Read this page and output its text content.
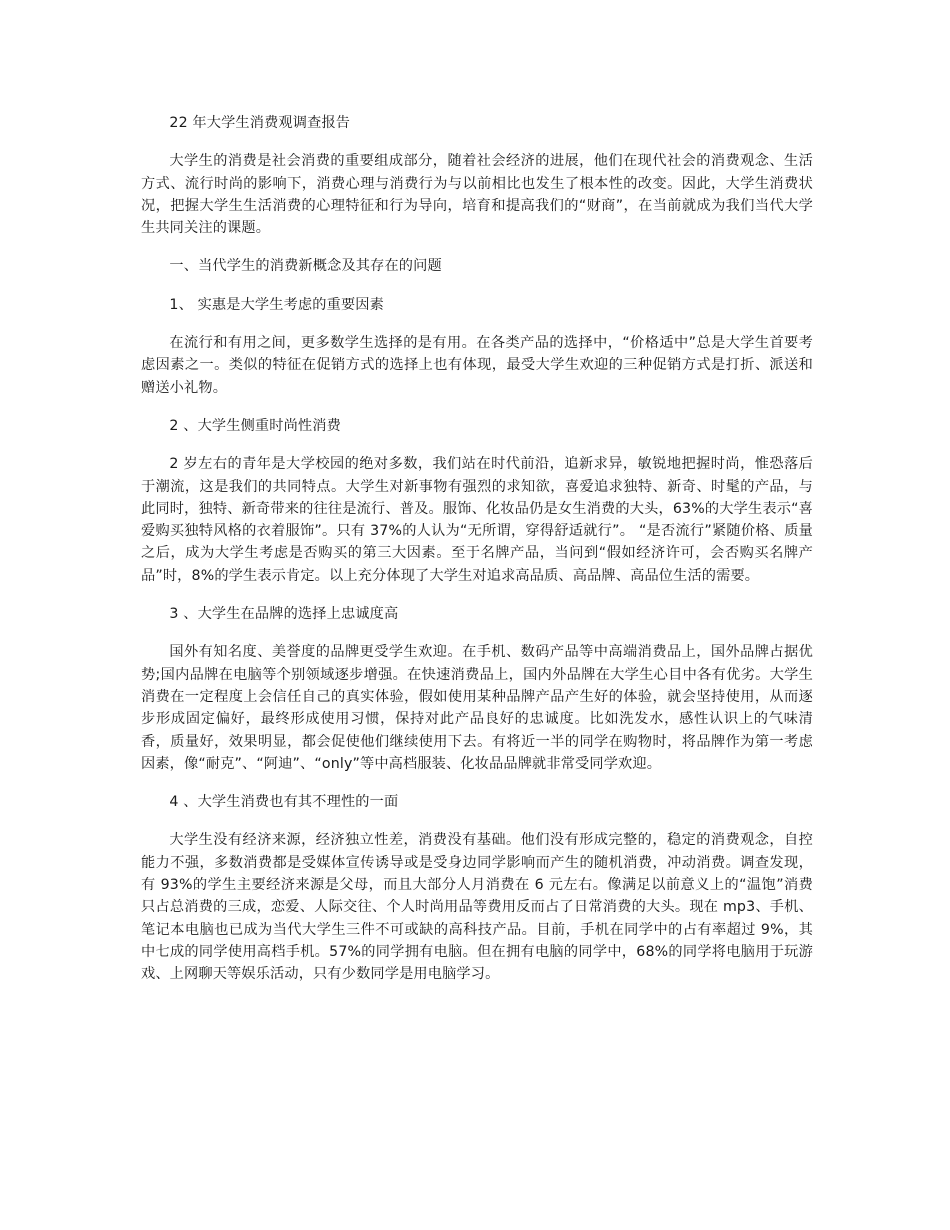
22 年大学生消费观调查报告

大学生的消费是社会消费的重要组成部分，随着社会经济的进展，他们在现代社会的消费观念、生活方式、流行时尚的影响下，消费心理与消费行为与以前相比也发生了根本性的改变。因此，大学生消费状况，把握大学生生活消费的心理特征和行为导向，培育和提高我们的“财商”，在当前就成为我们当代大学生共同关注的课题。

一、当代学生的消费新概念及其存在的问题

1、 实惠是大学生考虑的重要因素

在流行和有用之间，更多数学生选择的是有用。在各类产品的选择中，“价格适中”总是大学生首要考虑因素之一。类似的特征在促销方式的选择上也有体现，最受大学生欢迎的三种促销方式是打折、派送和赠送小礼物。

2 、大学生侧重时尚性消费

2 岁左右的青年是大学校园的绝对多数，我们站在时代前沿，追新求异，敏锐地把握时尚，惟恐落后于潮流，这是我们的共同特点。大学生对新事物有强烈的求知欲，喜爱追求独特、新奇、时髦的产品，与此同时，独特、新奇带来的往往是流行、普及。服饰、化妆品仍是女生消费的大头，63%的大学生表示“喜爱购买独特风格的衣着服饰”。只有 37%的人认为“无所谓，穿得舒适就行”。 “是否流行”紧随价格、质量之后，成为大学生考虑是否购买的第三大因素。至于名牌产品，当问到“假如经济许可，会否购买名牌产品”时，8%的学生表示肯定。以上充分体现了大学生对追求高品质、高品牌、高品位生活的需要。

3 、大学生在品牌的选择上忠诚度高

国外有知名度、美誉度的品牌更受学生欢迎。在手机、数码产品等中高端消费品上，国外品牌占据优势;国内品牌在电脑等个别领域逐步增强。在快速消费品上，国内外品牌在大学生心目中各有优劣。大学生消费在一定程度上会信任自己的真实体验，假如使用某种品牌产品产生好的体验，就会坚持使用，从而逐步形成固定偏好，最终形成使用习惯，保持对此产品良好的忠诚度。比如洗发水，感性认识上的气味清香，质量好，效果明显，都会促使他们继续使用下去。有将近一半的同学在购物时，将品牌作为第一考虑因素，像“耐克”、“阿迪”、“only”等中高档服装、化妆品品牌就非常受同学欢迎。

4 、大学生消费也有其不理性的一面

大学生没有经济来源，经济独立性差，消费没有基础。他们没有形成完整的，稳定的消费观念，自控能力不强，多数消费都是受媒体宣传诱导或是受身边同学影响而产生的随机消费，冲动消费。调查发现，有 93%的学生主要经济来源是父母，而且大部分人月消费在 6 元左右。像满足以前意义上的“温饱”消费只占总消费的三成，恋爱、人际交往、个人时尚用品等费用反而占了日常消费的大头。现在 mp3、手机、笔记本电脑也已成为当代大学生三件不可或缺的高科技产品。目前，手机在同学中的占有率超过 9%，其中七成的同学使用高档手机。57%的同学拥有电脑。但在拥有电脑的同学中，68%的同学将电脑用于玩游戏、上网聊天等娱乐活动，只有少数同学是用电脑学习。
